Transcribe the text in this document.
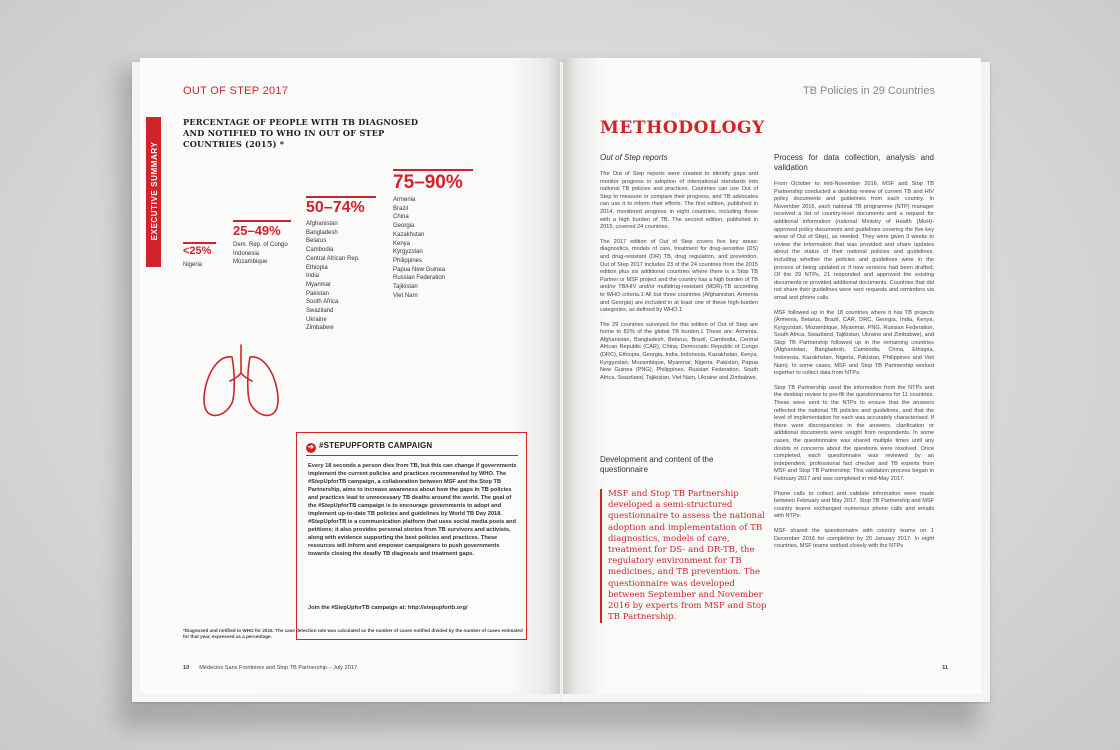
OUT OF STEP 2017
EXECUTIVE SUMMARY
PERCENTAGE OF PEOPLE WITH TB DIAGNOSED AND NOTIFIED TO WHO IN OUT OF STEP COUNTRIES (2015) *
<25%
Nigeria
25–49%
Dem. Rep. of Congo
Indonesia
Mozambique
50–74%
Afghanistan
Bangladesh
Belarus
Cambodia
Central African Rep.
Ethiopia
India
Myanmar
Pakistan
South Africa
Swaziland
Ukraine
Zimbabwe
75–90%
Armenia
Brazil
China
Georgia
Kazakhstan
Kenya
Kyrgyzstan
Philippines
Papua New Guinea
Russian Federation
Tajikistan
Viet Nam
➔ #STEPUPFORTB CAMPAIGN
Every 18 seconds a person dies from TB, but this can change if governments implement the current policies and practices recommended by WHO. The #StepUpforTB campaign, a collaboration between MSF and the Stop TB Partnership, aims to increase awareness about how the gaps in TB policies and practices lead to unnecessary TB deaths around the world. The goal of the #StepUpforTB campaign is to encourage governments to adopt and implement up-to-date TB policies and guidelines by World TB Day 2018. #StepUpforTB is a communication platform that uses social media posts and petitions; it also provides personal stories from TB survivors and activists, along with evidence supporting the best policies and practices. These resources will inform and empower campaigners to push governments towards closing the deadly TB diagnosis and treatment gaps.
Join the #StepUpforTB campaign at: http://stepupfortb.org/
*Diagnosed and notified to WHO for 2015. The case detection rate was calculated as the number of cases notified divided by the number of cases estimated for that year, expressed as a percentage.
10 Médecins Sans Frontières and Stop TB Partnership – July 2017
TB Policies in 29 Countries
METHODOLOGY
Out of Step reports

The Out of Step reports were created to identify gaps and monitor progress in adoption of international standards into national TB policies and practices. Countries can use Out of Step to measure or compare their progress, and TB advocates can use it to inform their efforts. The first edition, published in 2014, monitored progress in eight countries, including those with a high burden of TB. The second edition, published in 2015, covered 24 countries.

The 2017 edition of Out of Step covers five key areas: diagnostics, models of care, treatment for drug-sensitive (DS) and drug-resistant (DR) TB, drug regulation, and prevention. Out of Step 2017 includes 23 of the 24 countries from the 2015 edition plus six additional countries where there is a Stop TB Partner or MSF project and the country has a high burden of TB and/or TB/HIV and/or multidrug-resistant (MDR)-TB according to WHO criteria.1 All but three countries (Afghanistan, Armenia and Georgia) are included in at least one of these high-burden categories, as defined by WHO.1

The 29 countries surveyed for this edition of Out of Step are home to 82% of the global TB burden.1 These are: Armenia, Afghanistan, Bangladesh, Belarus, Brazil, Cambodia, Central African Republic (CAR), China, Democratic Republic of Congo (DRC), Ethiopia, Georgia, India, Indonesia, Kazakhstan, Kenya, Kyrgyzstan, Mozambique, Myanmar, Nigeria, Pakistan, Papua New Guinea (PNG), Philippines, Russian Federation, South Africa, Swaziland, Tajikistan, Viet Nam, Ukraine and Zimbabwe.

Development and content of the questionnaire
MSF and Stop TB Partnership developed a semi-structured questionnaire to assess the national adoption and implementation of TB diagnostics, models of care, treatment for DS- and DR-TB, the regulatory environment for TB medicines, and TB prevention. The questionnaire was developed between September and November 2016 by experts from MSF and Stop TB Partnership.
Process for data collection, analysis and validation

From October to mid-November 2016, MSF and Stop TB Partnership conducted a desktop review of current TB and HIV policy documents and guidelines from each country. In November 2016, each national TB programme (NTP) manager received a list of country-level documents and a request for additional information (national Ministry of Health (MoH)-approved policy documents and guidelines covering the five key areas of Out of Step), as needed. They were given 3 weeks to review the information that was provided and share updates about the status of their national policies and guidelines, including whether the policies and guidelines were in the process of being updated or if new versions had been drafted. Of the 29 NTPs, 21 responded and approved the existing documents or provided additional documents. Countries that did not share their guidelines were sent requests and reminders via email and phone calls.

MSF followed up in the 18 countries where it has TB projects (Armenia, Belarus, Brazil, CAR, DRC, Georgia, India, Kenya, Kyrgyzstan, Mozambique, Myanmar, PNG, Russian Federation, South Africa, Swaziland, Tajikistan, Ukraine and Zimbabwe), and Stop TB Partnership followed up in the remaining countries (Afghanistan, Bangladesh, Cambodia, China, Ethiopia, Indonesia, Kazakhstan, Nigeria, Pakistan, Philippines and Viet Nam). In some cases, MSF and Stop TB Partnership worked together to collect data from NTPs.

Stop TB Partnership used the information from the NTPs and the desktop review to pre-fill the questionnaires for 11 countries. These were sent to the NTPs to ensure that the answers reflected the national TB policies and guidelines, and that the level of implementation for each was accurately characterised. If there were discrepancies in the answers, clarification or additional documents were sought from respondents. In some cases, the questionnaire was shared multiple times until any doubts or concerns about the questions were resolved. Once completed, each questionnaire was reviewed by an independent, professional fact checker and TB experts from MSF and Stop TB Partnership. This validation process began in February 2017 and was completed in mid-May 2017.

Phone calls to collect and validate information were made between February and May 2017. Stop TB Partnership and MSF country teams exchanged numerous phone calls and emails with NTPs.

MSF shared the questionnaire with country teams on 1 December 2016 for completion by 20 January 2017. In eight countries, MSF teams worked closely with the NTPs

11
